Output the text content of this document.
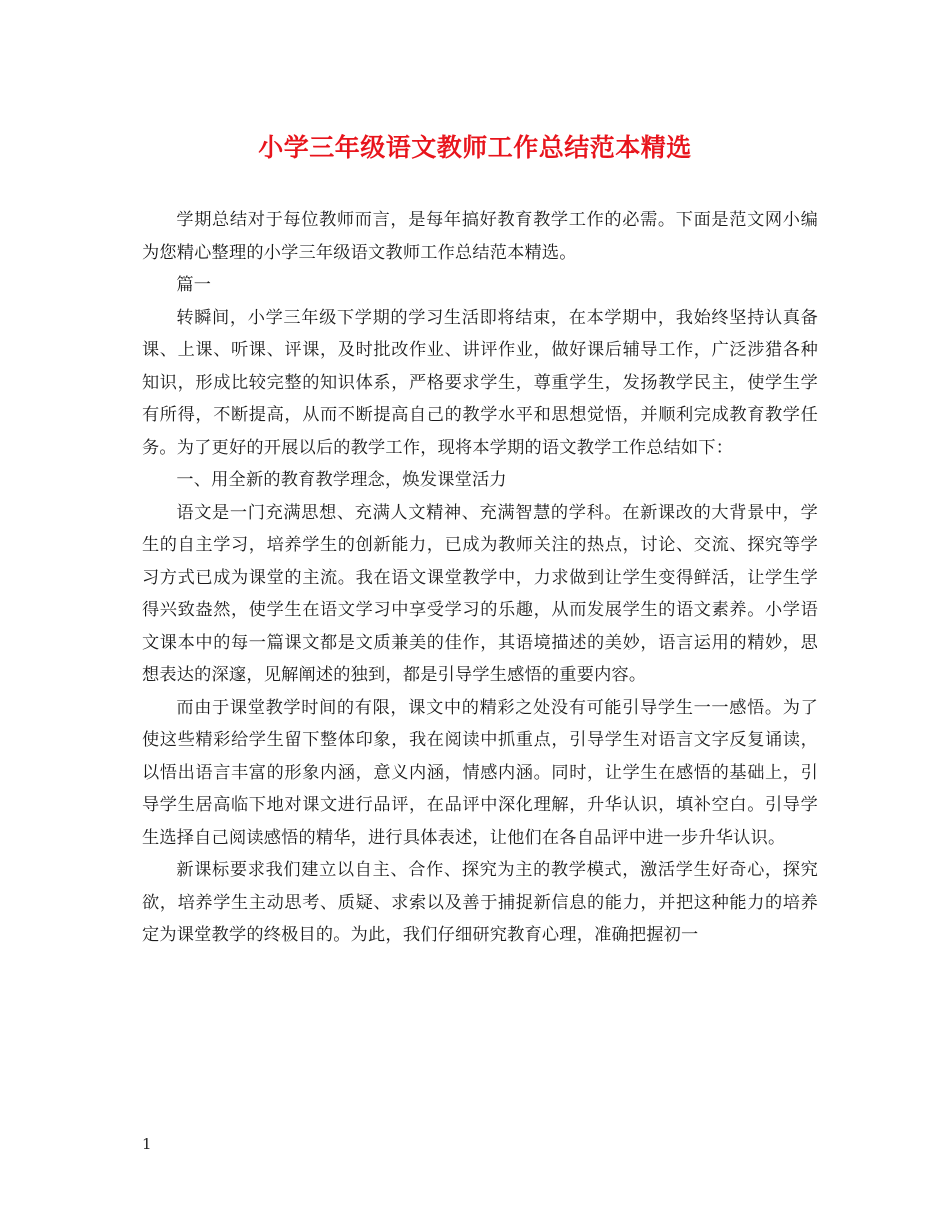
小学三年级语文教师工作总结范本精选

学期总结对于每位教师而言，是每年搞好教育教学工作的必需。下面是范文网小编为您精心整理的小学三年级语文教师工作总结范本精选。

篇一

转瞬间，小学三年级下学期的学习生活即将结束，在本学期中，我始终坚持认真备课、上课、听课、评课，及时批改作业、讲评作业，做好课后辅导工作，广泛涉猎各种知识，形成比较完整的知识体系，严格要求学生，尊重学生，发扬教学民主，使学生学有所得，不断提高，从而不断提高自己的教学水平和思想觉悟，并顺利完成教育教学任务。为了更好的开展以后的教学工作，现将本学期的语文教学工作总结如下：

一、用全新的教育教学理念，焕发课堂活力

语文是一门充满思想、充满人文精神、充满智慧的学科。在新课改的大背景中，学生的自主学习，培养学生的创新能力，已成为教师关注的热点，讨论、交流、探究等学习方式已成为课堂的主流。我在语文课堂教学中，力求做到让学生变得鲜活，让学生学得兴致盎然，使学生在语文学习中享受学习的乐趣，从而发展学生的语文素养。小学语文课本中的每一篇课文都是文质兼美的佳作，其语境描述的美妙，语言运用的精妙，思想表达的深邃，见解阐述的独到，都是引导学生感悟的重要内容。

而由于课堂教学时间的有限，课文中的精彩之处没有可能引导学生一一感悟。为了使这些精彩给学生留下整体印象，我在阅读中抓重点，引导学生对语言文字反复诵读，以悟出语言丰富的形象内涵，意义内涵，情感内涵。同时，让学生在感悟的基础上，引导学生居高临下地对课文进行品评，在品评中深化理解，升华认识，填补空白。引导学生选择自己阅读感悟的精华，进行具体表述，让他们在各自品评中进一步升华认识。

新课标要求我们建立以自主、合作、探究为主的教学模式，激活学生好奇心，探究欲，培养学生主动思考、质疑、求索以及善于捕捉新信息的能力，并把这种能力的培养定为课堂教学的终极目的。为此，我们仔细研究教育心理，准确把握初一

1
